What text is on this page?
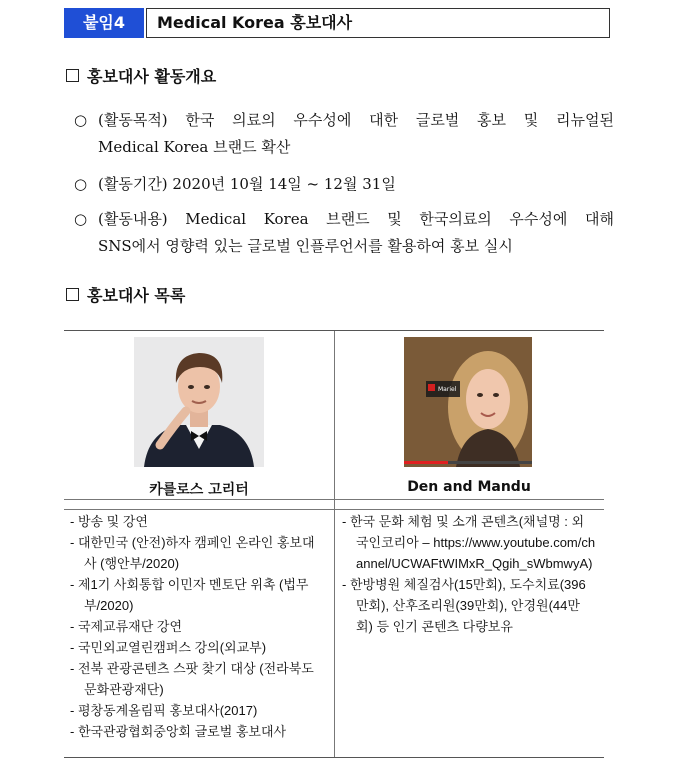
붙임4	Medical Korea 홍보대사
홍보대사 활동개요
○ (활동목적) 한국 의료의 우수성에 대한 글로벌 홍보 및 리뉴얼된
Medical Korea 브랜드 확산
○ (활동기간) 2020년 10월 14일 ~ 12월 31일
○ (활동내용) Medical Korea 브랜드 및 한국의료의 우수성에 대해
SNS에서 영향력 있는 글로벌 인플루언서를 활용하여 홍보 실시
홍보대사 목록
Mariel
카를로스 고리터	Den and Mandu
- 방송 및 강연
- 대한민국 (안전)하자 캠페인 온라인 홍보대사 (행안부/2020)
- 제1기 사회통합 이민자 멘토단 위촉 (법무부/2020)
- 국제교류재단 강연
- 국민외교열린캠퍼스 강의(외교부)
- 전북 관광콘텐츠 스팟 찾기 대상 (전라북도 문화관광재단)
- 평창동계올림픽 홍보대사(2017)
- 한국관광협회중앙회 글로벌 홍보대사
- 한국 문화 체험 및 소개 콘텐츠(채널명 : 외국인코리아 – https://www.youtube.com/channel/UCWAFtWIMxR_Qgih_sWbmwyA)
- 한방병원 체질검사(15만회), 도수치료(396만회), 산후조리원(39만회), 안경원(44만회) 등 인기 콘텐츠 다량보유
